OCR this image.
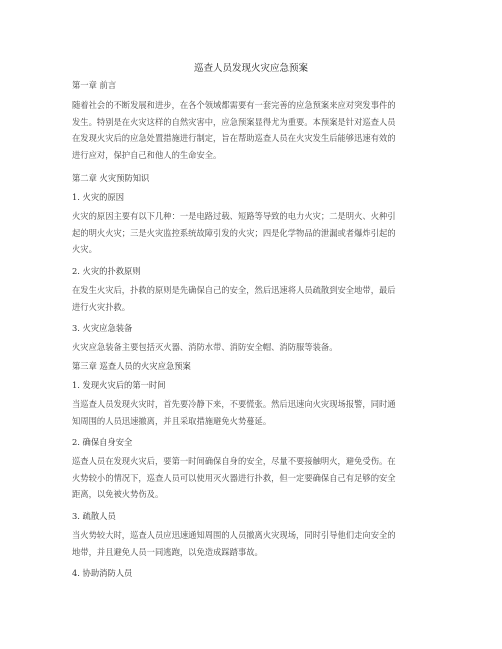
巡查人员发现火灾应急预案
第一章 前言

随着社会的不断发展和进步，在各个领域都需要有一套完善的应急预案来应对突发事件的

发生。特别是在火灾这样的自然灾害中，应急预案显得尤为重要。本预案是针对巡查人员

在发现火灾后的应急处置措施进行制定，旨在帮助巡查人员在火灾发生后能够迅速有效的

进行应对，保护自己和他人的生命安全。

第二章 火灾预防知识
1. 火灾的原因

火灾的原因主要有以下几种：一是电路过载、短路等导致的电力火灾；二是明火、火种引

起的明火火灾；三是火灾监控系统故障引发的火灾；四是化学物品的泄漏或者爆炸引起的

火灾。

2. 火灾的扑救原则

在发生火灾后，扑救的原则是先确保自己的安全，然后迅速将人员疏散到安全地带，最后

进行火灾扑救。

3. 火灾应急装备

火灾应急装备主要包括灭火器、消防水带、消防安全帽、消防服等装备。

第三章 巡查人员的火灾应急预案
1. 发现火灾后的第一时间

当巡查人员发现火灾时，首先要冷静下来，不要慌张。然后迅速向火灾现场报警，同时通

知周围的人员迅速撤离，并且采取措施避免火势蔓延。

2. 确保自身安全

巡查人员在发现火灾后，要第一时间确保自身的安全，尽量不要接触明火，避免受伤。在

火势较小的情况下，巡查人员可以使用灭火器进行扑救，但一定要确保自己有足够的安全

距离，以免被火势伤及。

3. 疏散人员

当火势较大时，巡查人员应迅速通知周围的人员撤离火灾现场，同时引导他们走向安全的

地带，并且避免人员一同逃跑，以免造成踩踏事故。

4. 协助消防人员
